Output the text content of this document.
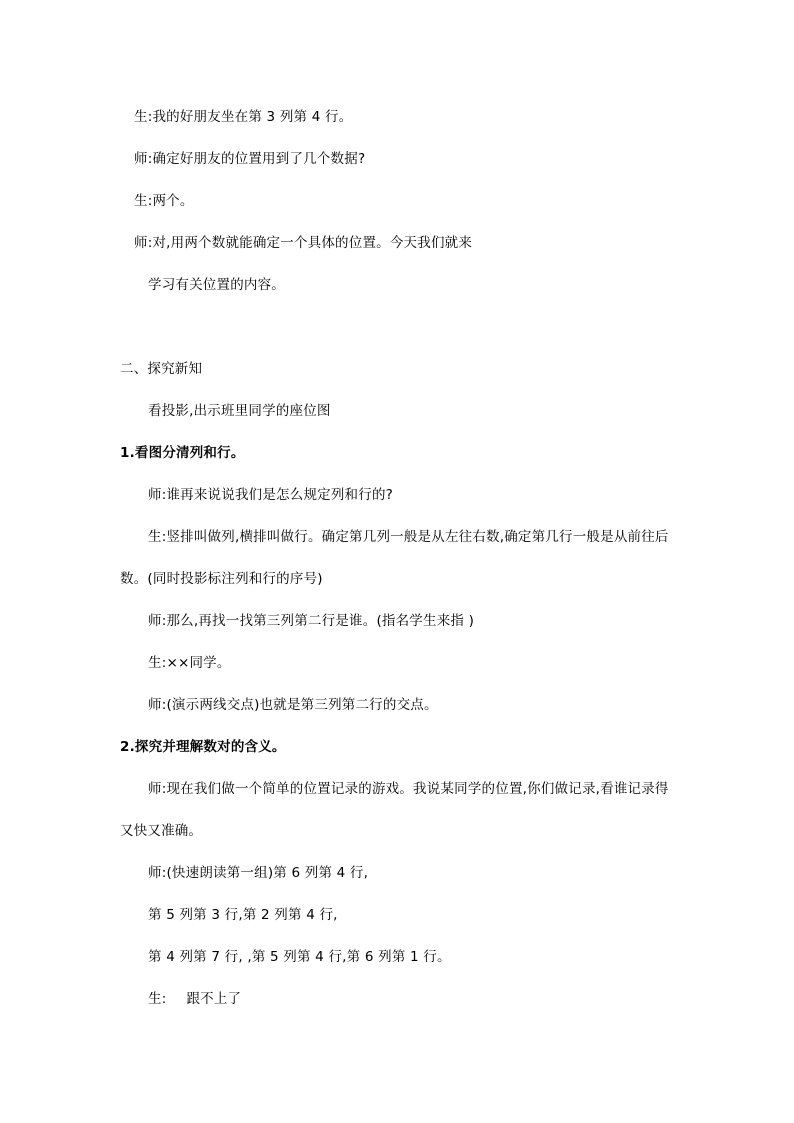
生:我的好朋友坐在第 3 列第 4 行。
师:确定好朋友的位置用到了几个数据?
生:两个。
师:对,用两个数就能确定一个具体的位置。今天我们就来
学习有关位置的内容。
二、探究新知
看投影,出示班里同学的座位图
1.看图分清列和行。
师:谁再来说说我们是怎么规定列和行的?
生:竖排叫做列,横排叫做行。确定第几列一般是从左往右数,确定第几行一般是从前往后
数。(同时投影标注列和行的序号)
师:那么,再找一找第三列第二行是谁。(指名学生来指 )
生:××同学。
师:(演示两线交点)也就是第三列第二行的交点。
2.探究并理解数对的含义。
师:现在我们做一个简单的位置记录的游戏。我说某同学的位置,你们做记录,看谁记录得
又快又准确。
师:(快速朗读第一组)第 6 列第 4 行,
第 5 列第 3 行,第 2 列第 4 行,
第 4 列第 7 行, ,第 5 列第 4 行,第 6 列第 1 行。
生: 跟不上了
